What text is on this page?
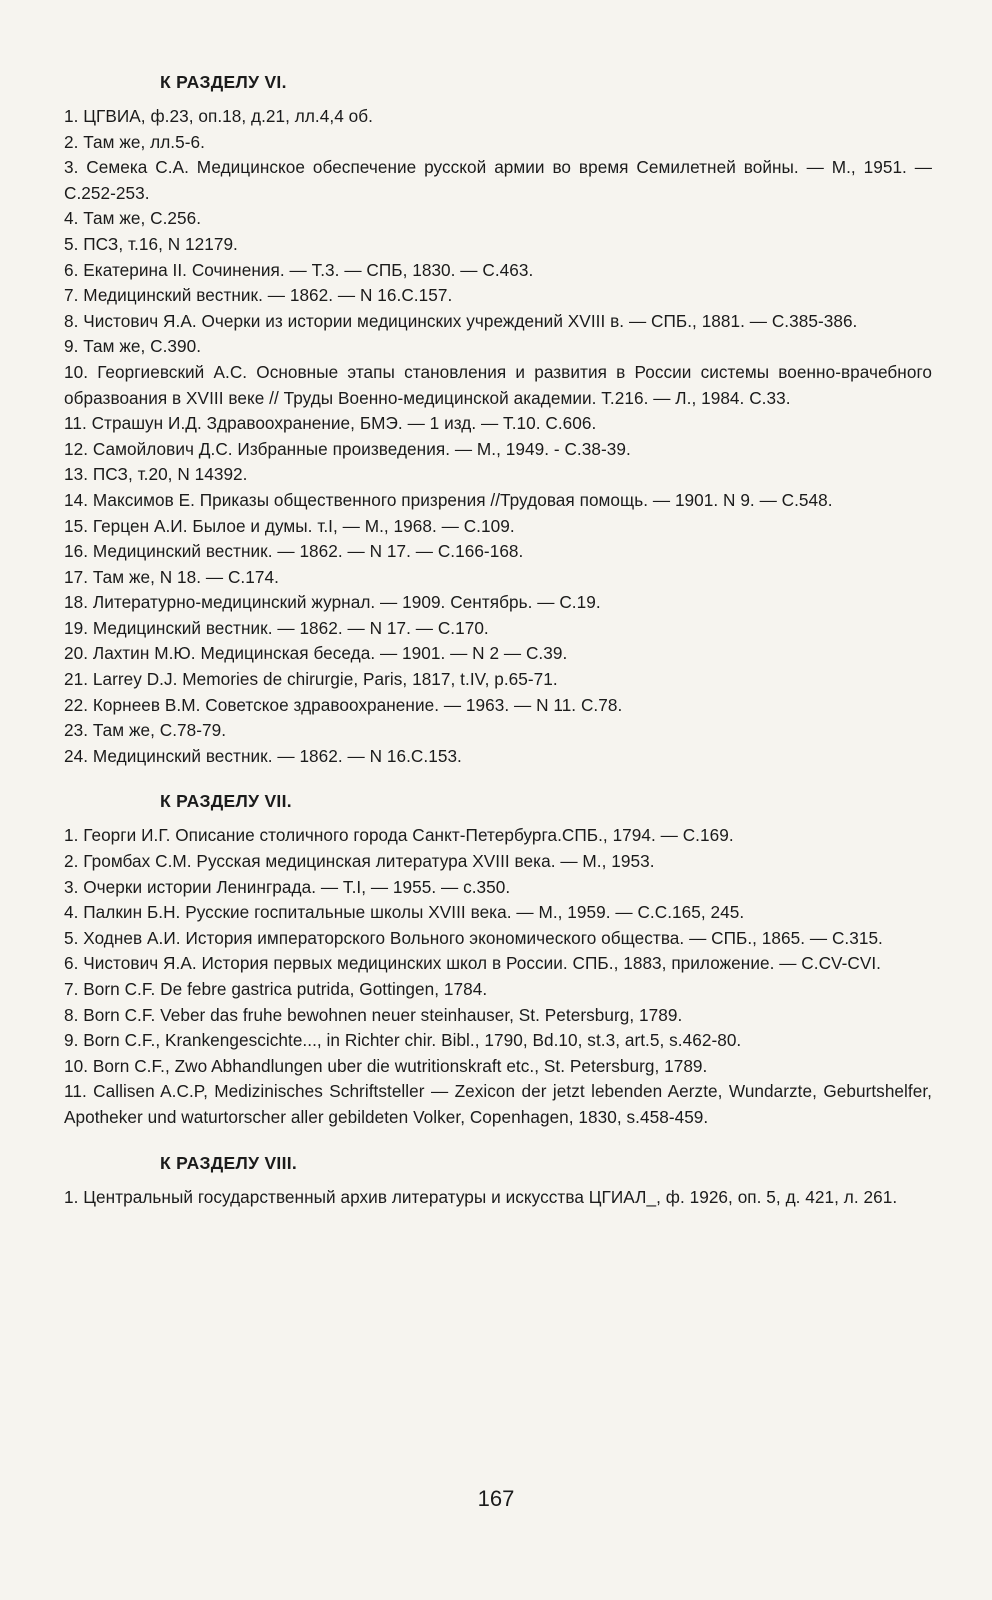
К РАЗДЕЛУ VI.
1. ЦГВИА, ф.23, оп.18, д.21, лл.4,4 об.
2. Там же, лл.5-6.
3. Семека С.А. Медицинское обеспечение русской армии во время Семилетней войны. — М., 1951. — С.252-253.
4. Там же, С.256.
5. ПСЗ, т.16, N 12179.
6. Екатерина II. Сочинения. — Т.3. — СПБ, 1830. — С.463.
7. Медицинский вестник. — 1862. — N 16.С.157.
8. Чистович Я.А. Очерки из истории медицинских учреждений XVIII в. — СПБ., 1881. — С.385-386.
9. Там же, С.390.
10. Георгиевский А.С. Основные этапы становления и развития в России системы военно-врачебного образвоания в XVIII веке // Труды Военно-медицинской академии. Т.216. — Л., 1984. С.33.
11. Страшун И.Д. Здравоохранение, БМЭ. — 1 изд. — Т.10. С.606.
12. Самойлович Д.С. Избранные произведения. — М., 1949. - С.38-39.
13. ПСЗ, т.20, N 14392.
14. Максимов Е. Приказы общественного призрения //Трудовая помощь. — 1901. N 9. — С.548.
15. Герцен А.И. Былое и думы. т.I, — М., 1968. — С.109.
16. Медицинский вестник. — 1862. — N 17. — С.166-168.
17. Там же, N 18. — С.174.
18. Литературно-медицинский журнал. — 1909. Сентябрь. — С.19.
19. Медицинский вестник. — 1862. — N 17. — С.170.
20. Лахтин М.Ю. Медицинская беседа. — 1901. — N 2 — С.39.
21. Larrey D.J. Memories de chirurgie, Paris, 1817, t.IV, p.65-71.
22. Корнеев В.М. Советское здравоохранение. — 1963. — N 11. С.78.
23. Там же, С.78-79.
24. Медицинский вестник. — 1862. — N 16.С.153.
К РАЗДЕЛУ VII.
1. Георги И.Г. Описание столичного города Санкт-Петербурга.СПБ., 1794. — С.169.
2. Громбах С.М. Русская медицинская литература XVIII века. — М., 1953.
3. Очерки истории Ленинграда. — Т.I, — 1955. — с.350.
4. Палкин Б.Н. Русские госпитальные школы XVIII века. — М., 1959. — С.С.165, 245.
5. Ходнев А.И. История императорского Вольного экономического общества. — СПБ., 1865. — С.315.
6. Чистович Я.А. История первых медицинских школ в России. СПБ., 1883, приложение. — С.CV-CVI.
7. Born C.F. De febre gastrica putrida, Gottingen, 1784.
8. Born C.F. Veber das fruhe bewohnen neuer steinhauser, St. Petersburg, 1789.
9. Born C.F., Krankengescichte..., in Richter chir. Bibl., 1790, Bd.10, st.3, art.5, s.462-80.
10. Born C.F., Zwo Abhandlungen uber die wutritionskraft etc., St. Petersburg, 1789.
11. Callisen A.C.P, Medizinisches Schriftsteller — Zexicon der jetzt lebenden Aerzte, Wundarzte, Geburtshelfer, Apotheker und waturtorscher aller gebildeten Volker, Copenhagen, 1830, s.458-459.
К РАЗДЕЛУ VIII.
1. Центральный государственный архив литературы и искусства ЦГИАЛ_, ф. 1926, оп. 5, д. 421, л. 261.
167
